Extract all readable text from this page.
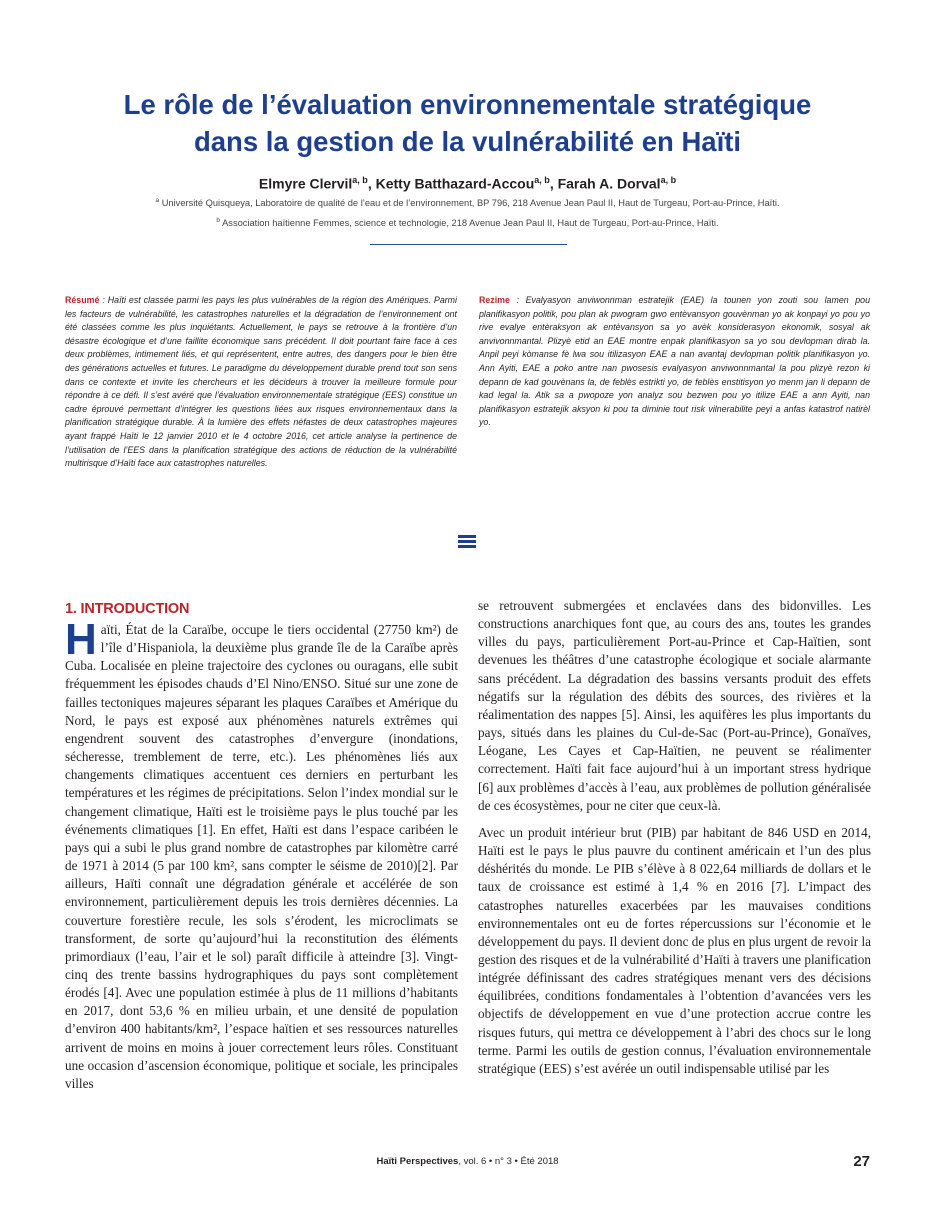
Le rôle de l’évaluation environnementale stratégique
dans la gestion de la vulnérabilité en Haïti
Elmyre Clervil$^{a, b}$, Ketty Batthazard-Accou$^{a, b}$, Farah A. Dorval$^{a, b}$
$^a$ Université Quisqueya, Laboratoire de qualité de l’eau et de l’environnement, BP 796, 218 Avenue Jean Paul II, Haut de Turgeau, Port-au-Prince, Haïti.
$^b$ Association haïtienne Femmes, science et technologie, 218 Avenue Jean Paul II, Haut de Turgeau, Port-au-Prince, Haïti.

Résumé : Haïti est classée parmi les pays les plus vulnérables de la région des Amériques. Parmi les facteurs de vulnérabilité, les catastrophes naturelles et la dégradation de l’environnement ont été classées comme les plus inquiétants. Actuellement, le pays se retrouve à la frontière d’un désastre écologique et d’une faillite économique sans précédent. Il doit pourtant faire face à ces deux problèmes, intimement liés, et qui représentent, entre autres, des dangers pour le bien être des générations actuelles et futures. Le paradigme du développement durable prend tout son sens dans ce contexte et invite les chercheurs et les décideurs à trouver la meilleure formule pour répondre à ce défi. Il s’est avéré que l’évaluation environnementale stratégique (EES) constitue un cadre éprouvé permettant d’intégrer les questions liées aux risques environnementaux dans la planification stratégique durable. À la lumière des effets néfastes de deux catastrophes majeures ayant frappé Haïti le 12 janvier 2010 et le 4 octobre 2016, cet article analyse la pertinence de l’utilisation de l’EES dans la planification stratégique des actions de réduction de la vulnérabilité multirisque d’Haïti face aux catastrophes naturelles.

Rezime : Evalyasyon anviwonnman estratejik (EAE) la tounen yon zouti sou lamen pou planifikasyon politik, pou plan ak pwogram gwo entèvansyon gouvènman yo ak konpayi yo pou yo rive evalye entèraksyon ak entèvansyon sa yo avèk konsiderasyon ekonomik, sosyal ak anvivonnmantal. Plizyè etid an EAE montre enpak planifikasyon sa yo sou devlopman dirab la. Anpil peyi kòmanse fè lwa sou itilizasyon EAE a nan avantaj devlopman politik planifikasyon yo. Ann Ayiti, EAE a poko antre nan pwosesis evalyasyon anviwonnmantal la pou plizyè rezon ki depann de kad gouvènans la, de feblès estrikti yo, de feblès enstitisyon yo menm jan li depann de kad legal la. Atik sa a pwopoze yon analyz sou bezwen pou yo itilize EAE a ann Ayiti, nan planifikasyon estratejik aksyon ki pou ta diminie tout risk vilnerabilite peyi a anfas katastrof natirèl yo.

1. INTRODUCTION

Haïti, État de la Caraïbe, occupe le tiers occidental (27750 km²) de l’île d’Hispaniola, la deuxième plus grande île de la Caraïbe après Cuba. Localisée en pleine trajectoire des cyclones ou ouragans, elle subit fréquemment les épisodes chauds d’El Nino/ENSO. Situé sur une zone de failles tectoniques majeures séparant les plaques Caraïbes et Amérique du Nord, le pays est exposé aux phénomènes naturels extrêmes qui engendrent souvent des catastrophes d’envergure (inondations, sécheresse, tremblement de terre, etc.). Les phénomènes liés aux changements climatiques accentuent ces derniers en perturbant les températures et les régimes de précipitations. Selon l’index mondial sur le changement climatique, Haïti est le troisième pays le plus touché par les événements climatiques [1]. En effet, Haïti est dans l’espace caribéen le pays qui a subi le plus grand nombre de catastrophes par kilomètre carré de 1971 à 2014 (5 par 100 km², sans compter le séisme de 2010)[2]. Par ailleurs, Haïti connaît une dégradation générale et accélérée de son environnement, particulièrement depuis les trois dernières décennies. La couverture forestière recule, les sols s’érodent, les microclimats se transforment, de sorte qu’aujourd’hui la reconstitution des éléments primordiaux (l’eau, l’air et le sol) paraît difficile à atteindre [3]. Vingt-cinq des trente bassins hydrographiques du pays sont complètement érodés [4]. Avec une population estimée à plus de 11 millions d’habitants en 2017, dont 53,6 % en milieu urbain, et une densité de population d’environ 400 habitants/km², l’espace haïtien et ses ressources naturelles arrivent de moins en moins à jouer correctement leurs rôles. Constituant une occasion d’ascension économique, politique et sociale, les principales villes

se retrouvent submergées et enclavées dans des bidonvilles. Les constructions anarchiques font que, au cours des ans, toutes les grandes villes du pays, particulièrement Port-au-Prince et Cap-Haïtien, sont devenues les théâtres d’une catastrophe écologique et sociale alarmante sans précédent. La dégradation des bassins versants produit des effets négatifs sur la régulation des débits des sources, des rivières et la réalimentation des nappes [5]. Ainsi, les aquifères les plus importants du pays, situés dans les plaines du Cul-de-Sac (Port-au-Prince), Gonaïves, Léogane, Les Cayes et Cap-Haïtien, ne peuvent se réalimenter correctement. Haïti fait face aujourd’hui à un important stress hydrique [6] aux problèmes d’accès à l’eau, aux problèmes de pollution généralisée de ces écosystèmes, pour ne citer que ceux-là.

Avec un produit intérieur brut (PIB) par habitant de 846 USD en 2014, Haïti est le pays le plus pauvre du continent américain et l’un des plus déshérités du monde. Le PIB s’élève à 8 022,64 milliards de dollars et le taux de croissance est estimé à 1,4 % en 2016 [7]. L’impact des catastrophes naturelles exacerbées par les mauvaises conditions environnementales ont eu de fortes répercussions sur l’économie et le développement du pays. Il devient donc de plus en plus urgent de revoir la gestion des risques et de la vulnérabilité d’Haïti à travers une planification intégrée définissant des cadres stratégiques menant vers des décisions équilibrées, conditions fondamentales à l’obtention d’avancées vers les objectifs de développement en vue d’une protection accrue contre les risques futurs, qui mettra ce développement à l’abri des chocs sur le long terme. Parmi les outils de gestion connus, l’évaluation environnementale stratégique (EES) s’est avérée un outil indispensable utilisé par les

Haïti Perspectives, vol. 6 • n° 3 • Été 2018	27
